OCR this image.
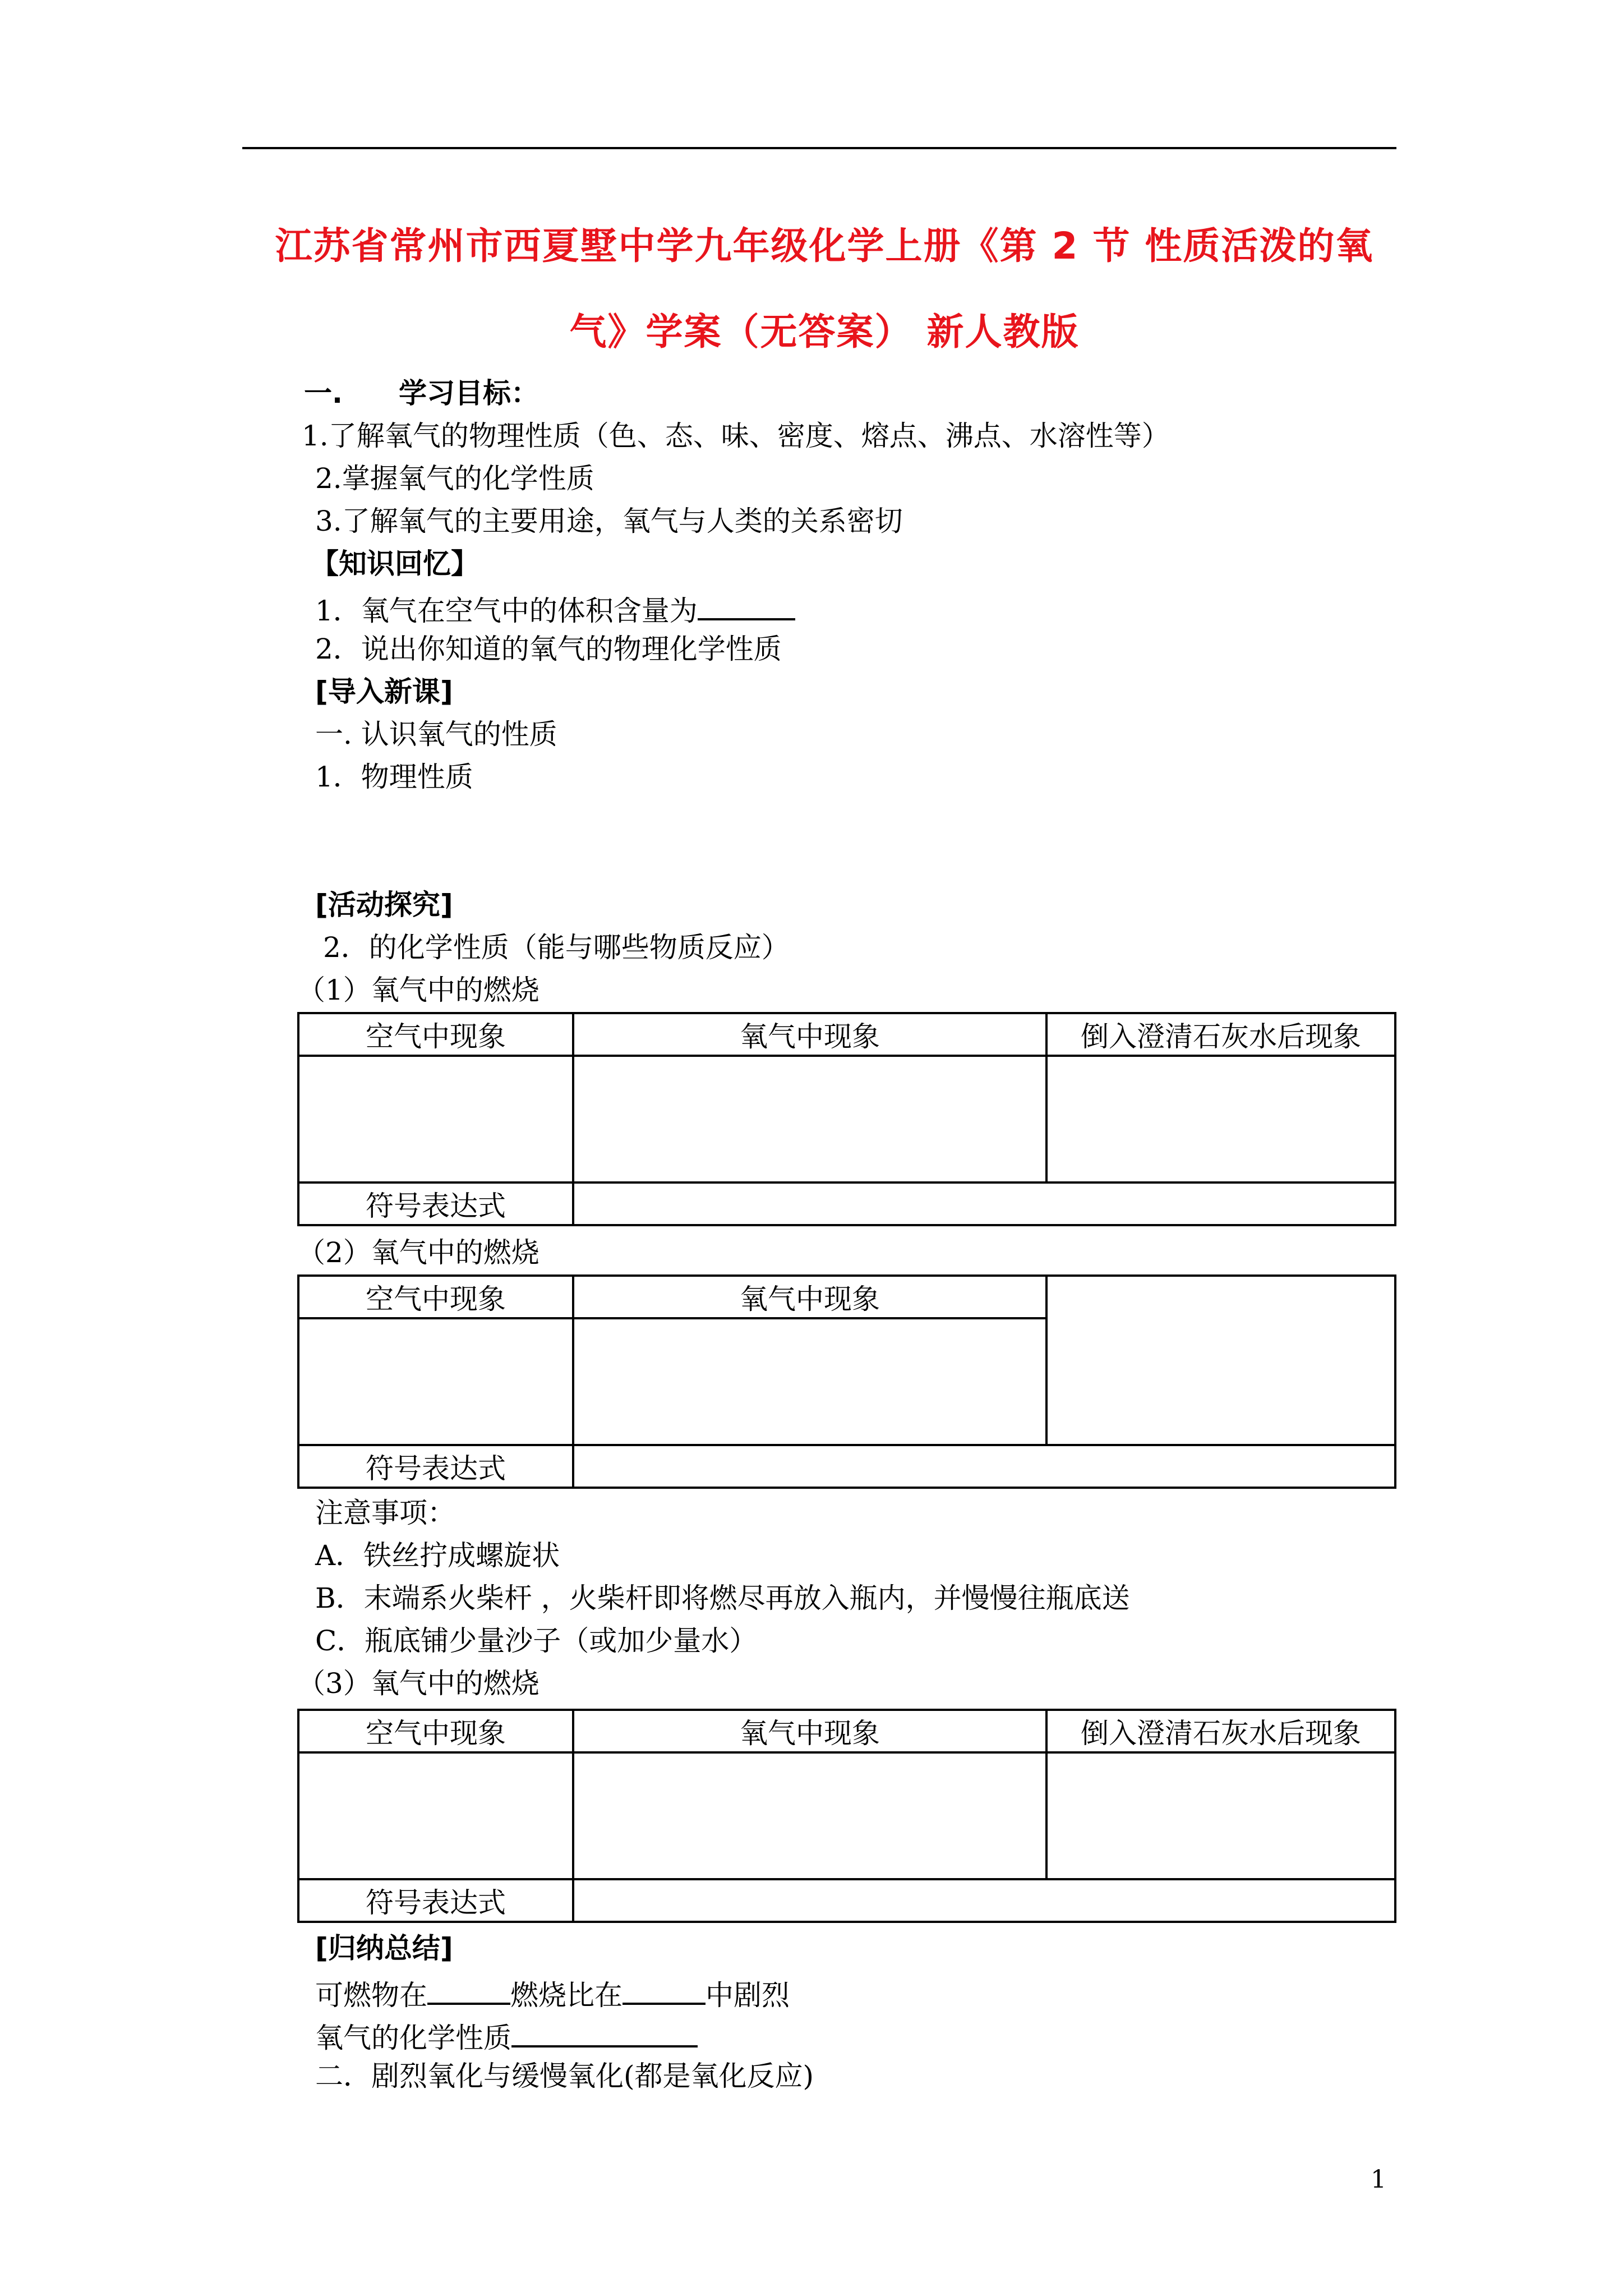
江苏省常州市西夏墅中学九年级化学上册《第 2 节 性质活泼的氧
气》学案（无答案） 新人教版
一.　　学习目标：
1.了解氧气的物理性质（色、态、味、密度、熔点、沸点、水溶性等）
2.掌握氧气的化学性质
3.了解氧气的主要用途，氧气与人类的关系密切
【知识回忆】
1．氧气在空气中的体积含量为
2．说出你知道的氧气的物理化学性质
[导入新课]
一. 认识氧气的性质
1．物理性质
[活动探究]
2．的化学性质（能与哪些物质反应）
（1）氧气中的燃烧
空气中现象	氧气中现象	倒入澄清石灰水后现象

符号表达式		
（2）氧气中的燃烧
空气中现象	氧气中现象	

符号表达式		
注意事项：
A．铁丝拧成螺旋状
B．末端系火柴杆 ，火柴杆即将燃尽再放入瓶内，并慢慢往瓶底送
C．瓶底铺少量沙子（或加少量水）
（3）氧气中的燃烧
空气中现象	氧气中现象	倒入澄清石灰水后现象

符号表达式		
[归纳总结]
可燃物在	燃烧比在	中剧烈
氧气的化学性质
二．剧烈氧化与缓慢氧化(都是氧化反应)
1
